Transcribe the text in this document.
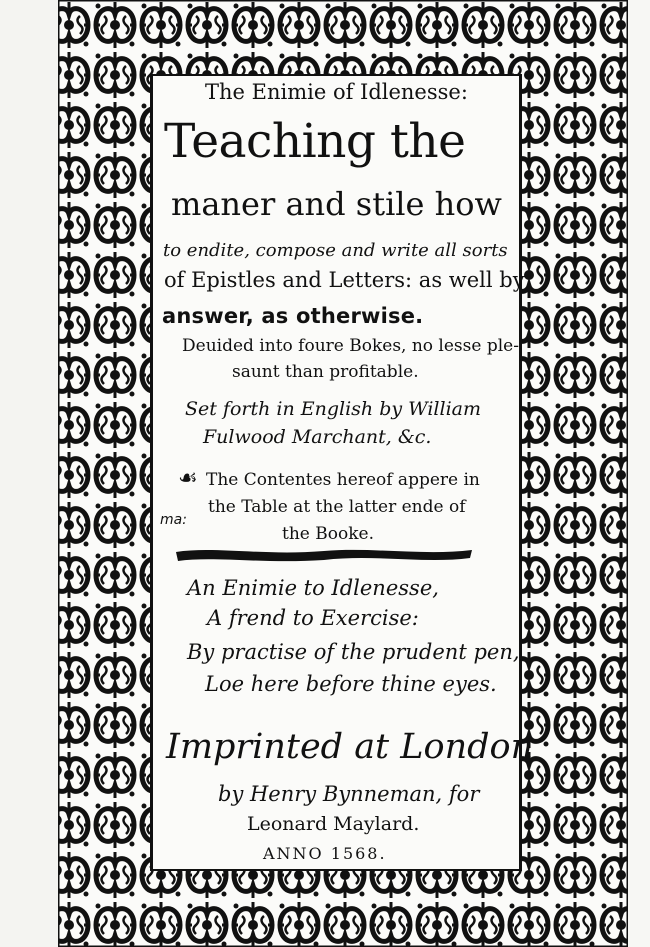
The Enimie of Idlenesse:
Teaching the
maner and stile how
to endite, compose and write all sorts
of Epistles and Letters: as well by
answer, as otherwise.
Deuided into foure Bokes, no lesse ple-
saunt than profitable.
Set forth in English by William
Fulwood Marchant, &c.
☙ The Contentes hereof appere in
ma:
the Table at the latter ende of
the Booke.
An Enimie to Idlenesse,
A frend to Exercise:
By practise of the prudent pen,
Loe here before thine eyes.
Imprinted at London
by Henry Bynneman, for
Leonard Maylard.
ANNO 1568.
